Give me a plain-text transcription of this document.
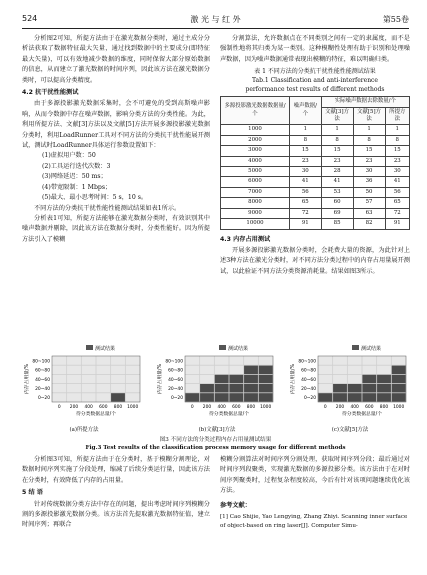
524	激 光 与 红 外	第55卷

分析图2可知，所提方法由于在激光数据分类时，通过主成分分析法获取了数据特征最大矢量，通过找到数据中的主要成分(即特征最大矢量)，可以有效地减少数据的维度，同时保留大部分原始数据的信息，从而建立了激光数据的时间序列，因此该方法在激光数据分类时，可以提高分类精度。

4.2 抗干扰性能测试

由于多源投影激光数据采集时，会不可避免的受到高斯噪声影响，从而令数据中存在噪声数据，影响分类方法的分类性能。为此，利用所提方法、文献[3]方法以及文献[5]方法开展多源投影激光数据分类时，利用LoadRunner工具对不同方法的分类抗干扰性能展开测试，测试时LoadRunner具体运行参数设置如下：

(1)虚拟用户数：50
(2)工具运行迭代次数：3
(3)网络延迟：50 ms；
(4)带宽限制：1 Mbps；
(5)最大、最小思考时间：5 s，10 s。

不同方法的分类抗干扰性能性能测试结果如表1所示。

分析表1可知，所提方法能够在激光数据分类时，有效识别其中噪声数据并剔除，因此该方法在数据分类时，分类性能好。因为所提方法引入了模糊

分割算法，允许数据点在不同类别之间有一定的隶属度，而不是强制性地将其归类为某一类别。这种模糊性处理有助于识别和处理噪声数据，因为噪声数据通常表现出模糊的特征，难以明确归类。

表 1 不同方法的分类抗干扰性能性能测试结果
Tab.1 Classification and anti-interference
performance test results of different methods
多源投影激光数据数据量/个	噪声数据/个	实际噪声数据去除数量/个		
		文献[3]方法	文献[5]方法	所提方法
1000	1	1	1	1
2000	8	8	8	8
3000	15	15	15	15
4000	23	23	23	23
5000	30	28	30	30
6000	41	41	36	41
7000	56	53	50	56
8000	65	60	57	65
9000	72	69	63	72
10000	91	85	82	91
4.3 内存占用测试

开展多源投影激光数据分类时，会耗费大量的资源，为此针对上述3种方法在激光分类时，对不同方法分类过程中的内存占用量展开测试，以此验证不同方法分类资源消耗量。结果如图3所示。

测试结果
80~100
60~80
40~60
20~40
0~20
0 200 400 600 800 1000
待分类数据总量/个
内存占用量/%
(a)所提方法
测试结果
80~100
60~80
40~60
20~40
0~20
0 200 400 600 800 1000
待分类数据总量/个
内存占用量/%
(b)文献[3]方法
测试结果
80~100
60~80
40~60
20~40
0~20
0 200 400 600 800 1000
待分类数据总量/个
内存占用量/%
(c)文献[5]方法
图3 不同方法的分类过程内存占用量测试结果
Fig.3 Test results of the classification process memory usage for different methods

分析图3可知，所提方法由于在分类时，基于模糊分割理论，对数据时间序列实施了分段处理，缩减了后续分类运行量，因此该方法在分类时，有效降低了内存的占用量。

5 结 语

针对传统数据分类方法中存在的问题，提出考虑时间序列模糊分割的多源投影激光数据分类。该方法首先提取激光数据特征值，建立时间序列；再联合

模糊分割算法对时间序列分割处理，获取时间序列分段；最后通过对时间序列段聚类，实现激光数据的多源投影分类。该方法由于在对时间序列聚类时，过程复杂程度较高，今后有针对该项问题继续优化该方法。

参考文献：
[1] Cao Shijie, Yao Lengying, Zhang Zhiyi. Scanning inner surface of object-based on ring laser[J]. Computer Simu-
